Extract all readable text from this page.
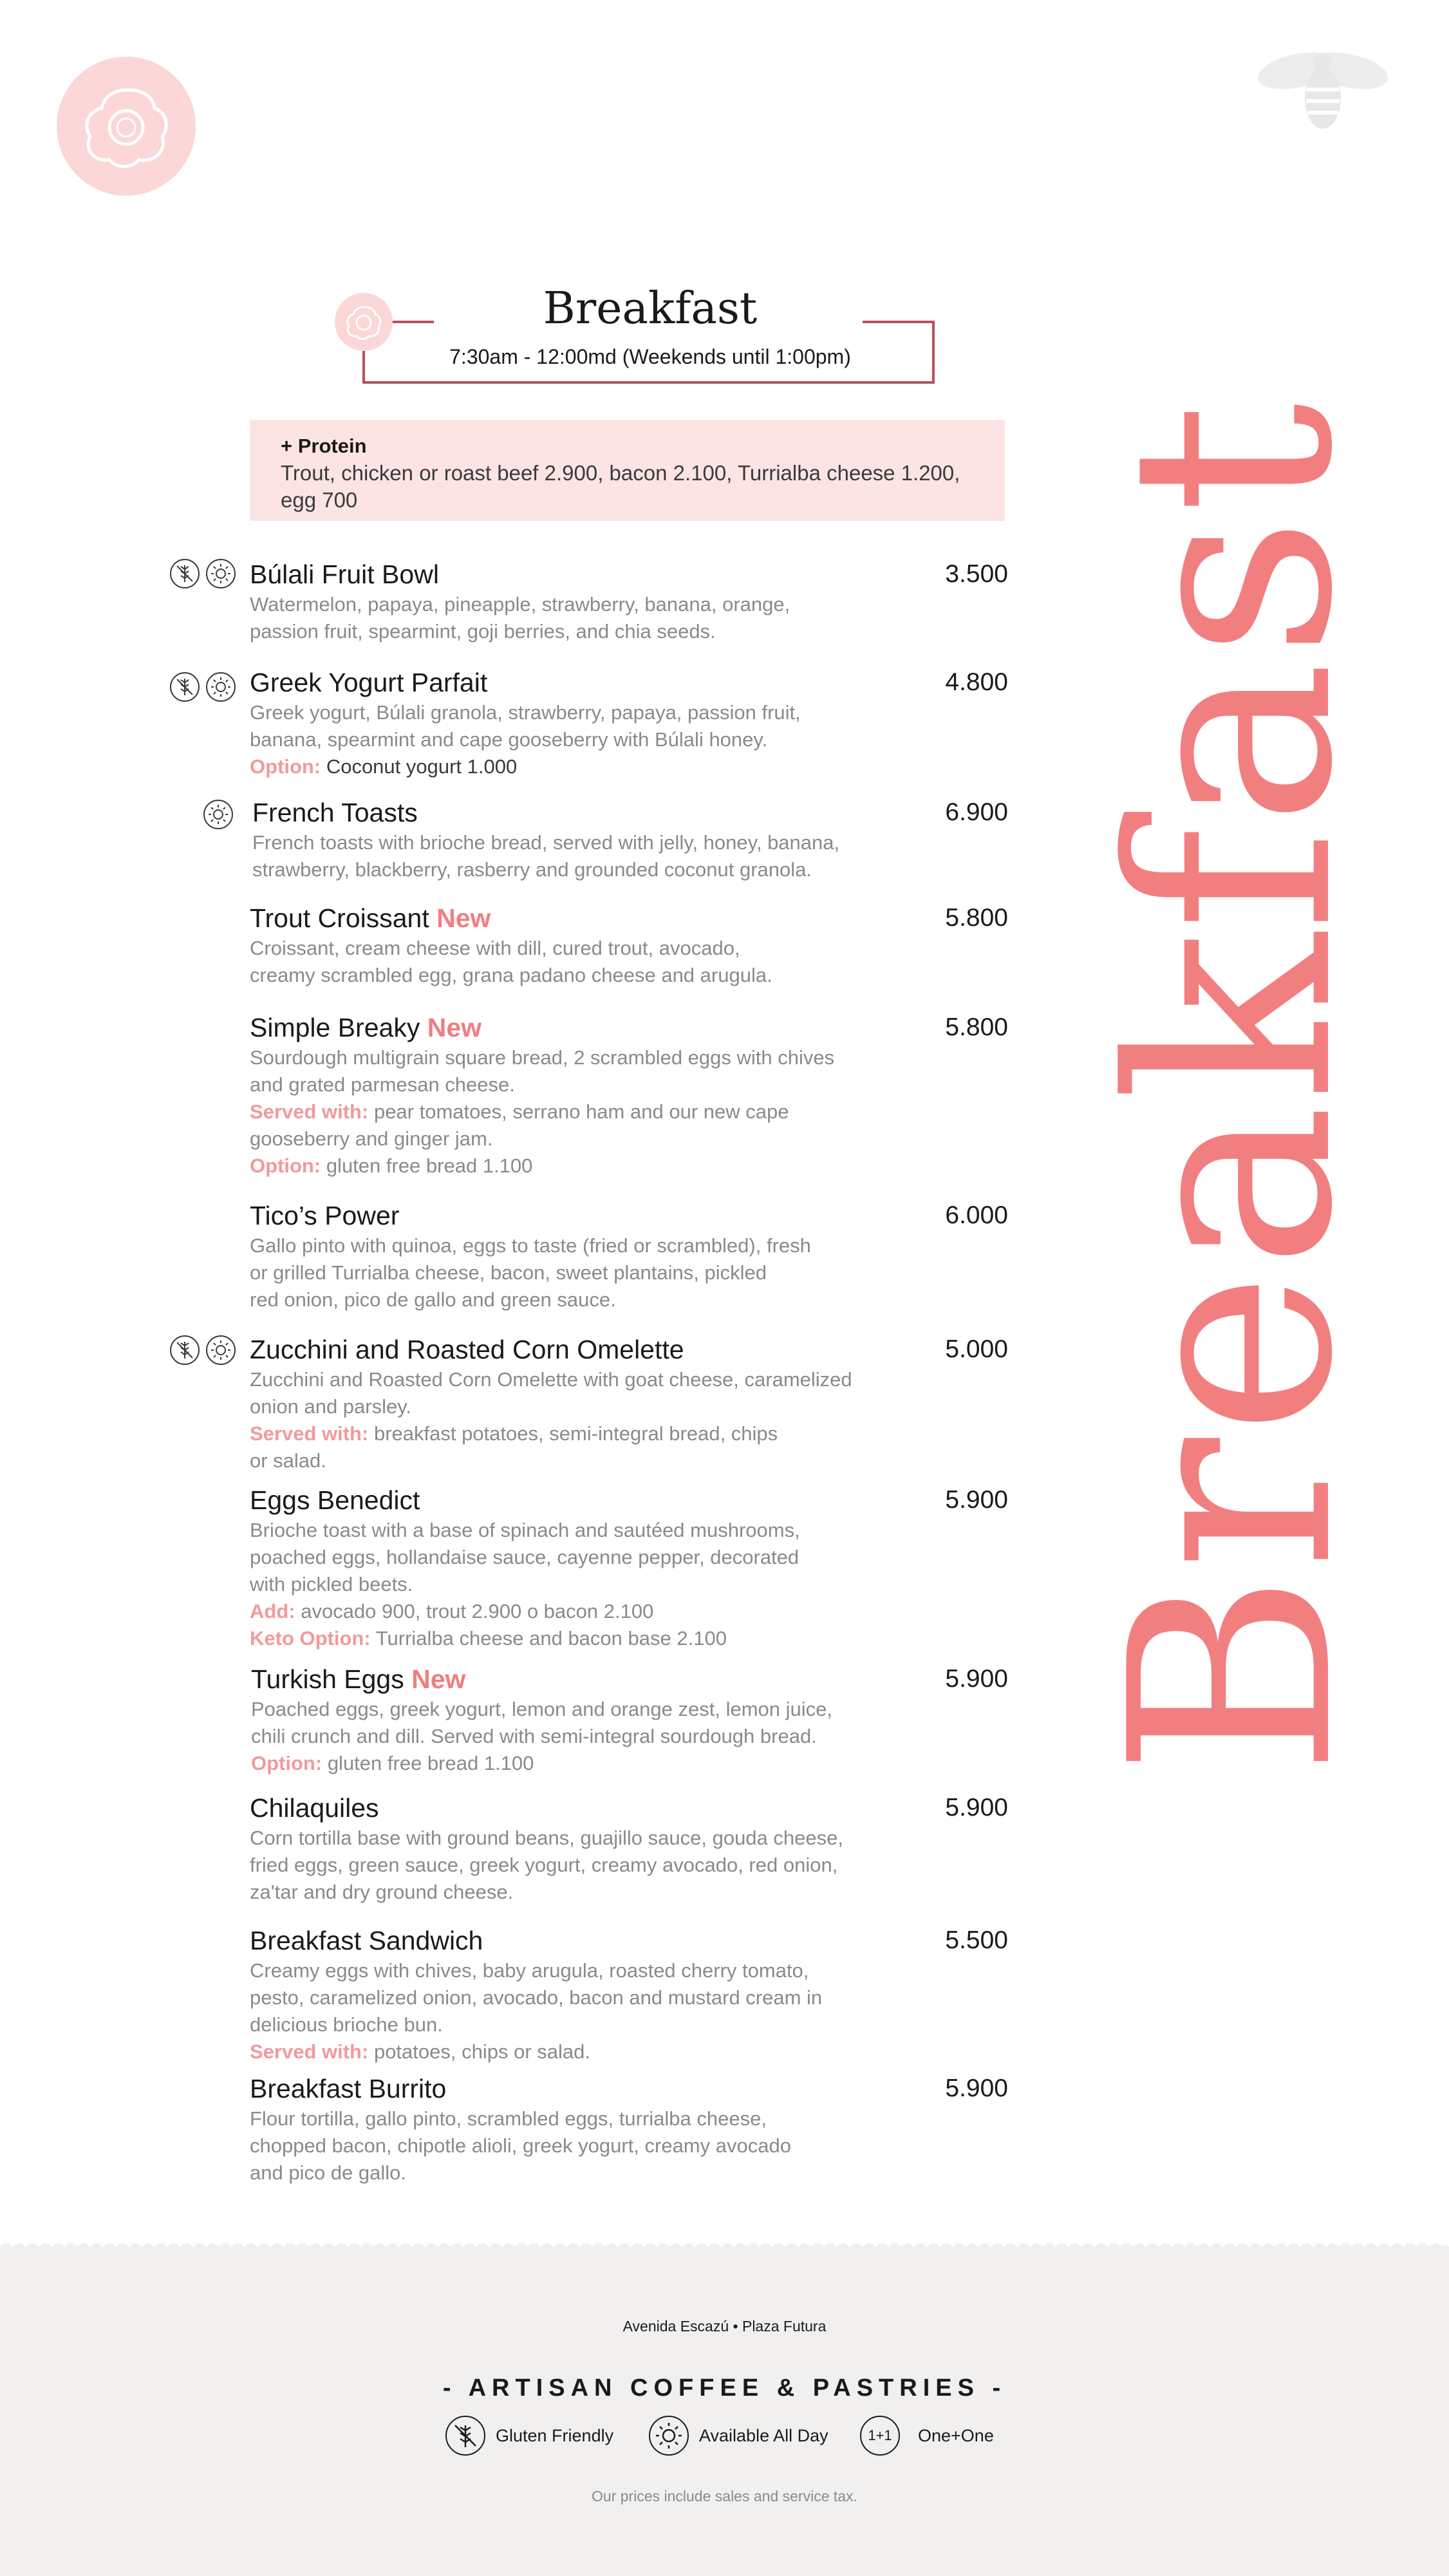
Breakfast
Breakfast
7:30am - 12:00md (Weekends until 1:00pm)
+ Protein
Trout, chicken or roast beef 2.900, bacon 2.100, Turrialba cheese 1.200, egg 700
Búlali Fruit Bowl	3.500
Watermelon, papaya, pineapple, strawberry, banana, orange,
passion fruit, spearmint, goji berries, and chia seeds.
Greek Yogurt Parfait	4.800
Greek yogurt, Búlali granola, strawberry, papaya, passion fruit,
banana, spearmint and cape gooseberry with Búlali honey.
Option: Coconut yogurt 1.000
French Toasts	6.900
French toasts with brioche bread, served with jelly, honey, banana,
strawberry, blackberry, rasberry and grounded coconut granola.
Trout Croissant New	5.800
Croissant, cream cheese with dill, cured trout, avocado,
creamy scrambled egg, grana padano cheese and arugula.
Simple Breaky New	5.800
Sourdough multigrain square bread, 2 scrambled eggs with chives
and grated parmesan cheese.
Served with: pear tomatoes, serrano ham and our new cape
gooseberry and ginger jam.
Option: gluten free bread 1.100
Tico’s Power	6.000
Gallo pinto with quinoa, eggs to taste (fried or scrambled), fresh
or grilled Turrialba cheese, bacon, sweet plantains, pickled
red onion, pico de gallo and green sauce.
Zucchini and Roasted Corn Omelette	5.000
Zucchini and Roasted Corn Omelette with goat cheese, caramelized
onion and parsley.
Served with: breakfast potatoes, semi-integral bread, chips
or salad.
Eggs Benedict	5.900
Brioche toast with a base of spinach and sautéed mushrooms,
poached eggs, hollandaise sauce, cayenne pepper, decorated
with pickled beets.
Add: avocado 900, trout 2.900 o bacon 2.100
Keto Option: Turrialba cheese and bacon base 2.100
Turkish Eggs New	5.900
Poached eggs, greek yogurt, lemon and orange zest, lemon juice,
chili crunch and dill. Served with semi-integral sourdough bread.
Option: gluten free bread 1.100
Chilaquiles	5.900
Corn tortilla base with ground beans, guajillo sauce, gouda cheese,
fried eggs, green sauce, greek yogurt, creamy avocado, red onion,
za'tar and dry ground cheese.
Breakfast Sandwich	5.500
Creamy eggs with chives, baby arugula, roasted cherry tomato,
pesto, caramelized onion, avocado, bacon and mustard cream in
delicious brioche bun.
Served with: potatoes, chips or salad.
Breakfast Burrito	5.900
Flour tortilla, gallo pinto, scrambled eggs, turrialba cheese,
chopped bacon, chipotle alioli, greek yogurt, creamy avocado
and pico de gallo.
Avenida Escazú • Plaza Futura
- ARTISAN COFFEE & PASTRIES -
Gluten Friendly	Available All Day	1+1	One+One
Our prices include sales and service tax.
